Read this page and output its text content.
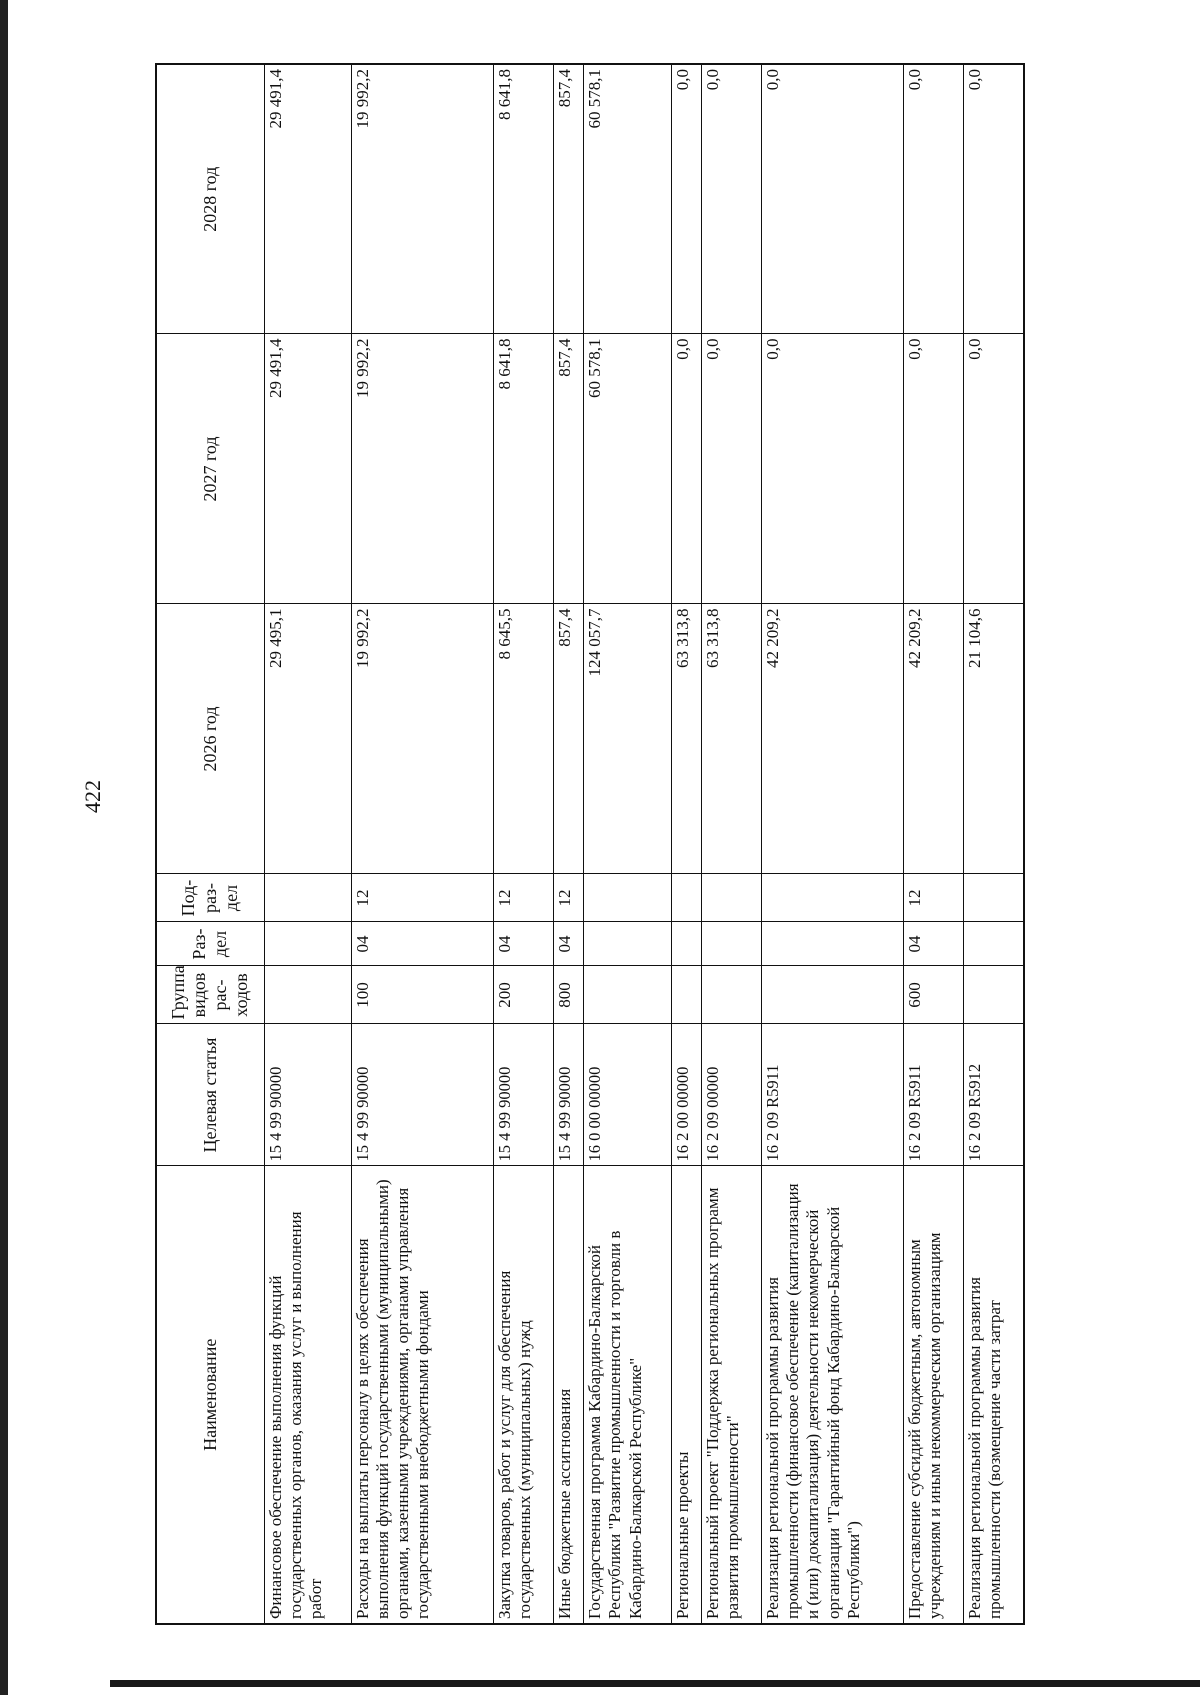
422
Наименование	Целевая статья	Группа видов рас-ходов	Раз-дел	Под-раз-дел	2026 год	2027 год	2028 год
Финансовое обеспечение выполнения функций государственных органов, оказания услуг и выполнения работ	15 4 99 90000				29 495,1	29 491,4	29 491,4
Расходы на выплаты персоналу в целях обеспечения выполнения функций государственными (муниципальными) органами, казенными учреждениями, органами управления государственными внебюджетными фондами	15 4 99 90000	100	04	12	19 992,2	19 992,2	19 992,2
Закупка товаров, работ и услуг для обеспечения государственных (муниципальных) нужд	15 4 99 90000	200	04	12	8 645,5	8 641,8	8 641,8
Иные бюджетные ассигнования	15 4 99 90000	800	04	12	857,4	857,4	857,4
Государственная программа Кабардино-Балкарской Республики "Развитие промышленности и торговли в Кабардино-Балкарской Республике"	16 0 00 00000				124 057,7	60 578,1	60 578,1
Региональные проекты	16 2 00 00000				63 313,8	0,0	0,0
Региональный проект "Поддержка региональных программ развития промышленности"	16 2 09 00000				63 313,8	0,0	0,0
Реализация региональной программы развития промышленности (финансовое обеспечение (капитализация и (или) докапитализация) деятельности некоммерческой организации "Гарантийный фонд Кабардино-Балкарской Республики")	16 2 09 R5911				42 209,2	0,0	0,0
Предоставление субсидий бюджетным, автономным учреждениям и иным некоммерческим организациям	16 2 09 R5911	600	04	12	42 209,2	0,0	0,0
Реализация региональной программы развития промышленности (возмещение части затрат	16 2 09 R5912				21 104,6	0,0	0,0
